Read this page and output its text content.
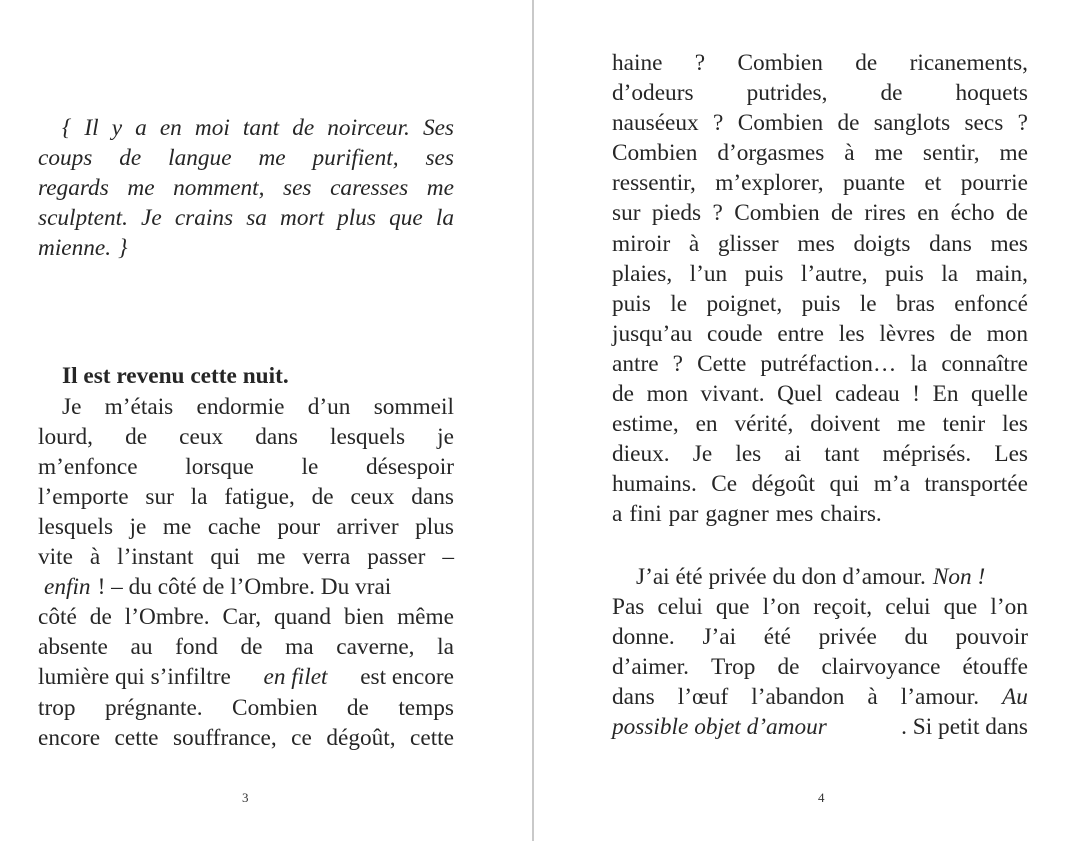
{ Il y a en moi tant de noirceur. Ses
coups de langue me purifient, ses
regards me nomment, ses caresses me
sculptent. Je crains sa mort plus que la
mienne. }
Il est revenu cette nuit.
Je m’étais endormie d’un sommeil
lourd, de ceux dans lesquels je
m’enfonce lorsque le désespoir
l’emporte sur la fatigue, de ceux dans
lesquels je me cache pour arriver plus
vite à l’instant qui me verra passer –
enfin ! – du côté de l’Ombre. Du vrai
côté de l’Ombre. Car, quand bien même
absente au fond de ma caverne, la
lumière qui s’infiltre en filet est encore
trop prégnante. Combien de temps
encore cette souffrance, ce dégoût, cette
3
haine ? Combien de ricanements,
d’odeurs putrides, de hoquets
nauséeux ? Combien de sanglots secs ?
Combien d’orgasmes à me sentir, me
ressentir, m’explorer, puante et pourrie
sur pieds ? Combien de rires en écho de
miroir à glisser mes doigts dans mes
plaies, l’un puis l’autre, puis la main,
puis le poignet, puis le bras enfoncé
jusqu’au coude entre les lèvres de mon
antre ? Cette putréfaction… la connaître
de mon vivant. Quel cadeau ! En quelle
estime, en vérité, doivent me tenir les
dieux. Je les ai tant méprisés. Les
humains. Ce dégoût qui m’a transportée
a fini par gagner mes chairs.
J’ai été privée du don d’amour. Non !
Pas celui que l’on reçoit, celui que l’on
donne. J’ai été privée du pouvoir
d’aimer. Trop de clairvoyance étouffe
dans l’œuf l’abandon à l’amour. Au
possible objet d’amour	. Si petit dans
4
